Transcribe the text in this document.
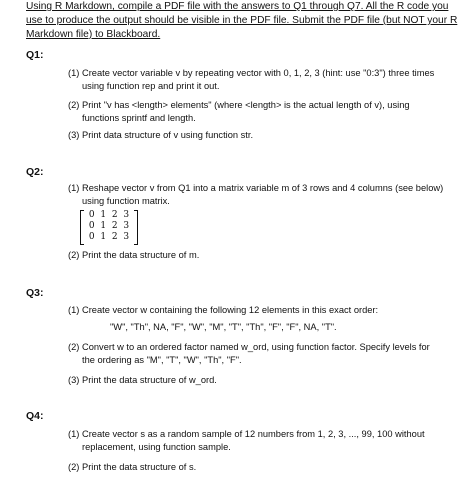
Using R Markdown, compile a PDF file with the answers to Q1 through Q7. All the R code you use to produce the output should be visible in the PDF file. Submit the PDF file (but NOT your R Markdown file) to Blackboard.
Q1:
(1) Create vector variable v by repeating vector with 0, 1, 2, 3 (hint: use "0:3") three times
using function rep and print it out.
(2) Print "v has <length> elements" (where <length> is the actual length of v), using
functions sprintf and length.
(3) Print data structure of v using function str.
Q2:
(1) Reshape vector v from Q1 into a matrix variable m of 3 rows and 4 columns (see below)
using function matrix.
0 1 2 3
0 1 2 3
0 1 2 3
(2) Print the data structure of m.
Q3:
(1) Create vector w containing the following 12 elements in this exact order:
"W", "Th", NA, "F", "W", "M", "T", "Th", "F", "F", NA, "T".
(2) Convert w to an ordered factor named w_ord, using function factor. Specify levels for
the ordering as "M", "T", "W", "Th", "F".
(3) Print the data structure of w_ord.
Q4:
(1) Create vector s as a random sample of 12 numbers from 1, 2, 3, ..., 99, 100 without
replacement, using function sample.
(2) Print the data structure of s.
